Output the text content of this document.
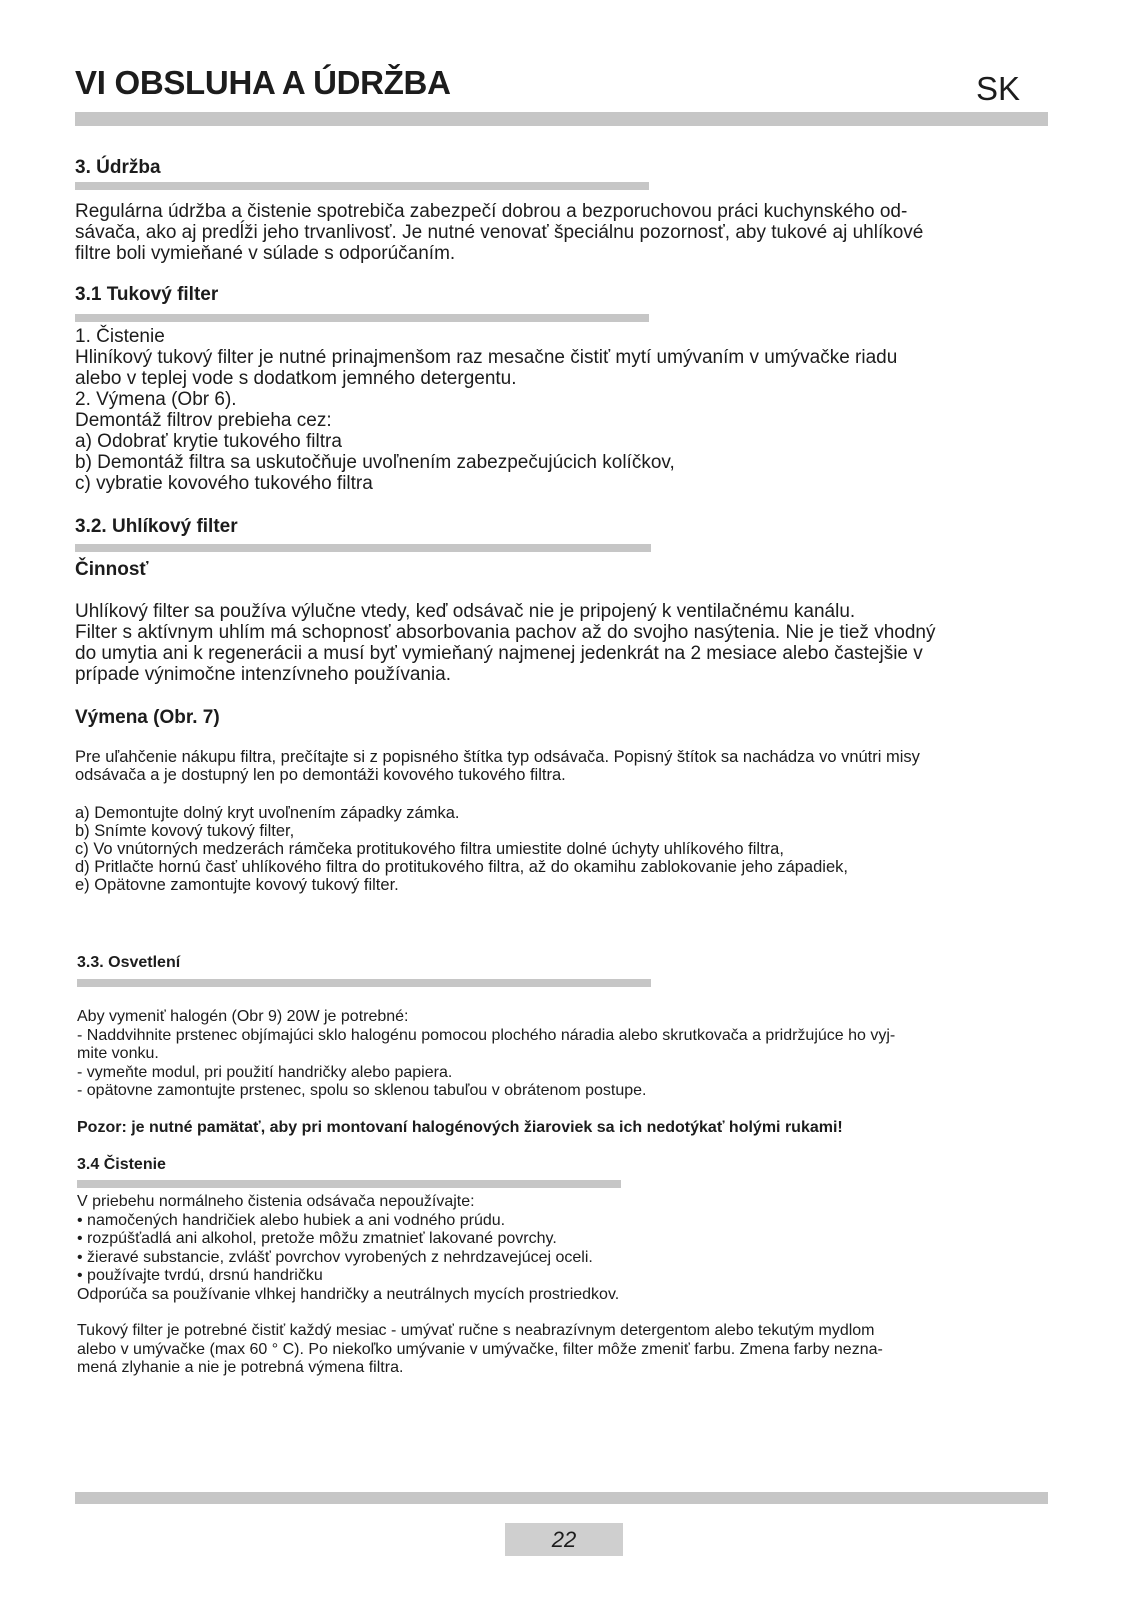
VI OBSLUHA A ÚDRŽBA	SK
3. Údržba

Regulárna údržba a čistenie spotrebiča zabezpečí dobrou a bezporuchovou práci kuchynského od-

sávača, ako aj predĺži jeho trvanlivosť. Je nutné venovať špeciálnu pozornosť, aby tukové aj uhlíkové

filtre boli vymieňané v súlade s odporúčaním.

3.1 Tukový filter

1. Čistenie

Hliníkový tukový filter je nutné prinajmenšom raz mesačne čistiť mytí umývaním v umývačke riadu

alebo v teplej vode s dodatkom jemného detergentu.

2. Výmena (Obr 6).

Demontáž filtrov prebieha cez:

a) Odobrať krytie tukového filtra

b) Demontáž filtra sa uskutočňuje uvoľnením zabezpečujúcich kolíčkov,

c) vybratie kovového tukového filtra

3.2. Uhlíkový filter
Činnosť

Uhlíkový filter sa používa výlučne vtedy, keď odsávač nie je pripojený k ventilačnému kanálu.

Filter s aktívnym uhlím má schopnosť absorbovania pachov až do svojho nasýtenia. Nie je tiež vhodný

do umytia ani k regenerácii a musí byť vymieňaný najmenej jedenkrát na 2 mesiace alebo častejšie v

prípade výnimočne intenzívneho používania.

Výmena (Obr. 7)

Pre uľahčenie nákupu filtra, prečítajte si z popisného štítka typ odsávača. Popisný štítok sa nachádza vo vnútri misy

odsávača a je dostupný len po demontáži kovového tukového filtra.

a) Demontujte dolný kryt uvoľnením západky zámka.

b) Snímte kovový tukový filter,

c) Vo vnútorných medzerách rámčeka protitukového filtra umiestite dolné úchyty uhlíkového filtra,

d) Pritlačte hornú časť uhlíkového filtra do protitukového filtra, až do okamihu zablokovanie jeho západiek,

e) Opätovne zamontujte kovový tukový filter.

3.3. Osvetlení

Aby vymeniť halogén (Obr 9) 20W je potrebné:

- Naddvihnite prstenec objímajúci sklo halogénu pomocou plochého náradia alebo skrutkovača a pridržujúce ho vyj-

mite vonku.

- vymeňte modul, pri použití handričky alebo papiera.

- opätovne zamontujte prstenec, spolu so sklenou tabuľou v obrátenom postupe.

Pozor: je nutné pamätať, aby pri montovaní halogénových žiaroviek sa ich nedotýkať holými rukami!
3.4 Čistenie

V priebehu normálneho čistenia odsávača nepoužívajte:

• namočených handričiek alebo hubiek a ani vodného prúdu.

• rozpúšťadlá ani alkohol, pretože môžu zmatnieť lakované povrchy.

• žieravé substancie, zvlášť povrchov vyrobených z nehrdzavejúcej oceli.

• používajte tvrdú, drsnú handričku

Odporúča sa používanie vlhkej handričky a neutrálnych mycích prostriedkov.

Tukový filter je potrebné čistiť každý mesiac - umývať ručne s neabrazívnym detergentom alebo tekutým mydlom

alebo v umývačke (max 60 ° C). Po niekoľko umývanie v umývačke, filter môže zmeniť farbu. Zmena farby nezna-

mená zlyhanie a nie je potrebná výmena filtra.

22
